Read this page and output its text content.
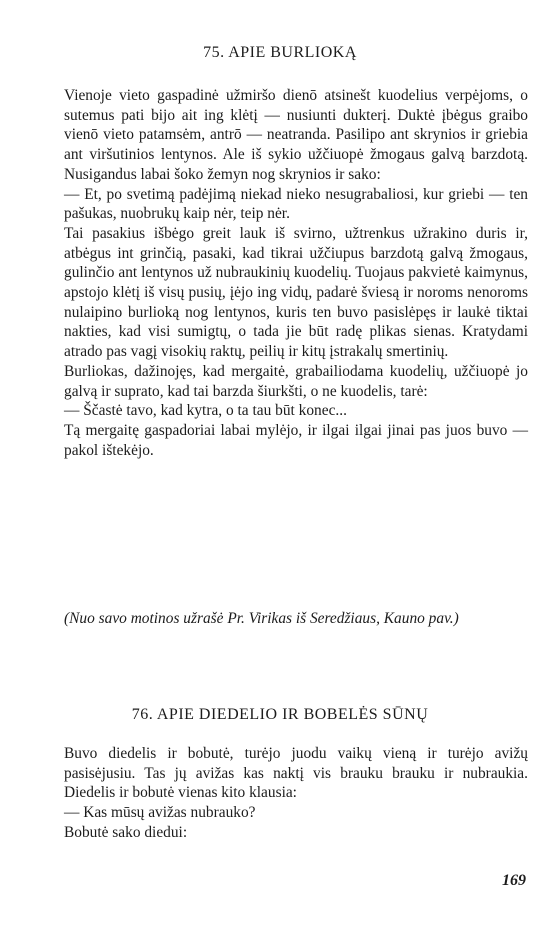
75. APIE BURLIOKĄ

Vienoje vieto gaspadinė užmiršo dienō atsinešt kuodelius verpėjoms, o sutemus pati bijo ait ing klėtį — nusiunti dukterį. Duktė įbėgus graibo vienō vieto patamsėm, antrō — neatranda. Pasilipo ant skrynios ir griebia ant viršutinios lentynos. Ale iš sykio užčiuopė žmogaus galvą barzdotą. Nusigandus labai šoko žemyn nog skrynios ir sako:

— Et, po svetimą padėjimą niekad nieko nesugrabaliosi, kur griebi — ten pašukas, nuobrukų kaip nėr, teip nėr.

Tai pasakius išbėgo greit lauk iš svirno, užtrenkus užrakino duris ir, atbėgus int grinčią, pasaki, kad tikrai užčiupus barzdotą galvą žmogaus, gulinčio ant lentynos už nubraukinių kuodelių. Tuojaus pakvietė kaimynus, apstojo klėtį iš visų pusių, įėjo ing vidų, padarė šviesą ir noroms nenoroms nulaipino burlioką nog lentynos, kuris ten buvo pasislėpęs ir laukė tiktai nakties, kad visi sumigtų, o tada jie būt radę plikas sienas. Kratydami atrado pas vagį visokių raktų, peilių ir kitų įstrakalų smertinių.

Burliokas, dažinojęs, kad mergaitė, grabailiodama kuodelių, užčiuopė jo galvą ir suprato, kad tai barzda šiurkšti, o ne kuodelis, tarė:

— Ščastė tavo, kad kytra, o ta tau būt konec...

Tą mergaitę gaspadoriai labai mylėjo, ir ilgai ilgai jinai pas juos buvo — pakol ištekėjo.

(Nuo savo motinos užrašė Pr. Virikas iš Seredžiaus, Kauno pav.)
76. APIE DIEDELIO IR BOBELĖS SŪNŲ

Buvo diedelis ir bobutė, turėjo juodu vaikų vieną ir turėjo avižų pasisėjusiu. Tas jų avižas kas naktį vis brauku brauku ir nubraukia. Diedelis ir bobutė vienas kito klausia:

— Kas mūsų avižas nubrauko?

Bobutė sako diedui:

169
